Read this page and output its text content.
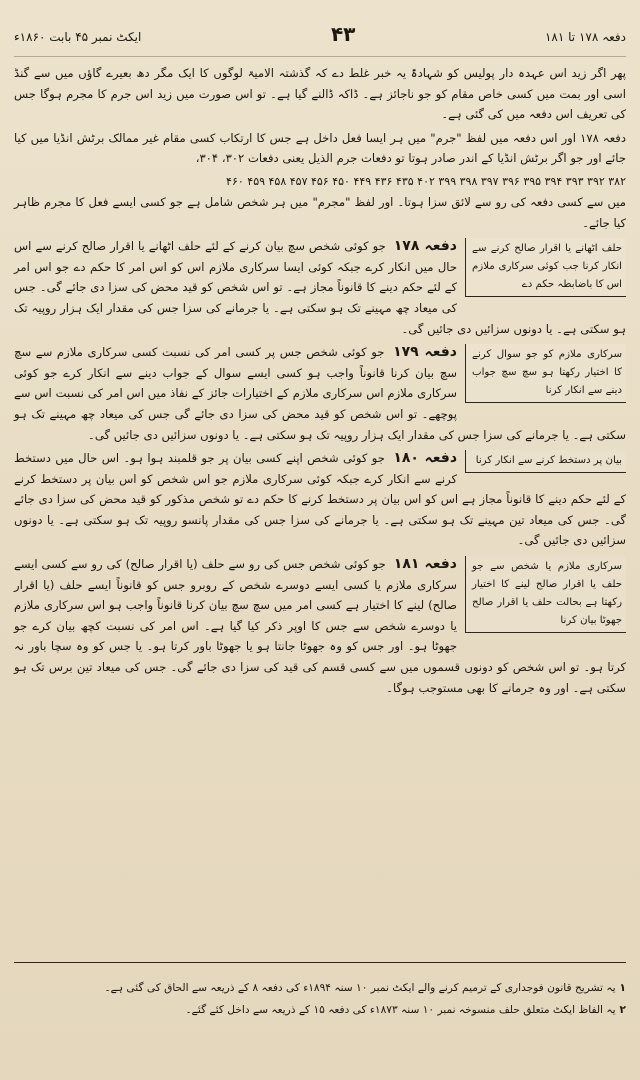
دفعہ ۱۷۸ تا ۱۸۱
۴۳
ایکٹ نمبر ۴۵ بابت ۱۸۶۰ء

پھر اگر زید اس عہدہ دار پولیس کو شہادۃً یہ خبر غلط دے کہ گذشتہ الامیۃ لوگوں کا ایک مگر دھ بعیرے گاؤں میں سے گنڈ اسی اور بمت میں کسی خاص مقام کو جو ناجائز ہے۔ ڈاکہ ڈالنے گیا ہے۔ تو اس صورت میں زید اس جرم کا مجرم ہوگا جس کی تعریف اس دفعہ میں کی گئی ہے۔

دفعہ ۱۷۸ اور اس دفعہ میں لفظ "جرم" میں ہر ایسا فعل داخل ہے جس کا ارتکاب کسی مقام غیر ممالک برٹش انڈیا میں کیا جائے اور جو اگر برٹش انڈیا کے اندر صادر ہوتا تو دفعات جرم الذیل یعنی دفعات ۳۰۲، ۳۰۴،

۳۸۲ ۳۹۲ ۳۹۳ ۳۹۴ ۳۹۵ ۳۹۶ ۳۹۷ ۳۹۸ ۳۹۹ ۴۰۲ ۴۳۵ ۴۳۶ ۴۴۹ ۴۵۰ ۴۵۶ ۴۵۷ ۴۵۸ ۴۵۹ ۴۶۰

میں سے کسی دفعہ کی رو سے لائق سزا ہوتا۔ اور لفظ "مجرم" میں ہر شخص شامل ہے جو کسی ایسے فعل کا مجرم ظاہر کیا جائے۔

حلف اٹھانے یا اقرار صالح کرنے سے انکار کرنا جب کوئی سرکاری ملازم اس کا باضابطہ حکم دے

دفعہ ۱۷۸ جو کوئی شخص سچ بیان کرنے کے لئے حلف اٹھانے یا اقرار صالح کرنے سے اس حال میں انکار کرے جبکہ کوئی ایسا سرکاری ملازم اس کو اس امر کا حکم دے جو اس امر کے لئے حکم دینے کا قانوناً مجاز ہے۔ تو اس شخص کو قید محض کی سزا دی جائے گی۔ جس کی میعاد چھ مہینے تک ہو سکتی ہے۔ یا جرمانے کی سزا جس کی مقدار ایک ہزار روپیہ تک ہو سکتی ہے۔ یا دونوں سزائیں دی جائیں گی۔

سرکاری ملازم کو جو سوال کرنے کا اختیار رکھتا ہو سچ سچ جواب دینے سے انکار کرنا

دفعہ ۱۷۹ جو کوئی شخص جس پر کسی امر کی نسبت کسی سرکاری ملازم سے سچ سچ بیان کرنا قانوناً واجب ہو کسی ایسے سوال کے جواب دینے سے انکار کرے جو کوئی سرکاری ملازم اس سرکاری ملازم کے اختیارات جائز کے نفاذ میں اس امر کی نسبت اس سے پوچھے۔ تو اس شخص کو قید محض کی سزا دی جائے گی جس کی میعاد چھ مہینے تک ہو سکتی ہے۔ یا جرمانے کی سزا جس کی مقدار ایک ہزار روپیہ تک ہو سکتی ہے۔ یا دونوں سزائیں دی جائیں گی۔

بیان پر دستخط کرنے سے انکار کرنا

دفعہ ۱۸۰ جو کوئی شخص اپنے کسی بیان پر جو قلمبند ہوا ہو۔ اس حال میں دستخط کرنے سے انکار کرے جبکہ کوئی سرکاری ملازم جو اس شخص کو اس بیان پر دستخط کرنے کے لئے حکم دینے کا قانوناً مجاز ہے اس کو اس بیان پر دستخط کرنے کا حکم دے تو شخص مذکور کو قید محض کی سزا دی جائے گی۔ جس کی میعاد تین مہینے تک ہو سکتی ہے۔ یا جرمانے کی سزا جس کی مقدار پانسو روپیہ تک ہو سکتی ہے۔ یا دونوں سزائیں دی جائیں گی۔

سرکاری ملازم یا شخص سے جو حلف یا اقرار صالح لینے کا اختیار رکھتا ہے بحالت حلف یا اقرار صالح جھوٹا بیان کرنا

دفعہ ۱۸۱ جو کوئی شخص جس کی رو سے حلف (یا اقرار صالح) کی رو سے کسی ایسے سرکاری ملازم یا کسی ایسے دوسرے شخص کے روبرو جس کو قانوناً ایسے حلف (یا اقرار صالح) لینے کا اختیار ہے کسی امر میں سچ سچ بیان کرنا قانوناً واجب ہو اس سرکاری ملازم یا دوسرے شخص سے جس کا اوپر ذکر کیا گیا ہے۔ اس امر کی نسبت کچھ بیان کرے جو جھوٹا ہو۔ اور جس کو وہ جھوٹا جانتا ہو یا جھوٹا باور کرتا ہو۔ یا جس کو وہ سچا باور نہ کرتا ہو۔ تو اس شخص کو دونوں قسموں میں سے کسی قسم کی قید کی سزا دی جائے گی۔ جس کی میعاد تین برس تک ہو سکتی ہے۔ اور وہ جرمانے کا بھی مستوجب ہوگا۔

۱یہ تشریح قانون فوجداری کے ترمیم کرنے والے ایکٹ نمبر ۱۰ سنہ ۱۸۹۴ء کی دفعہ ۸ کے ذریعہ سے الحاق کی گئی ہے۔

۲یہ الفاظ ایکٹ متعلق حلف منسوخہ نمبر ۱۰ سنہ ۱۸۷۳ء کی دفعہ ۱۵ کے ذریعہ سے داخل کئے گئے۔
